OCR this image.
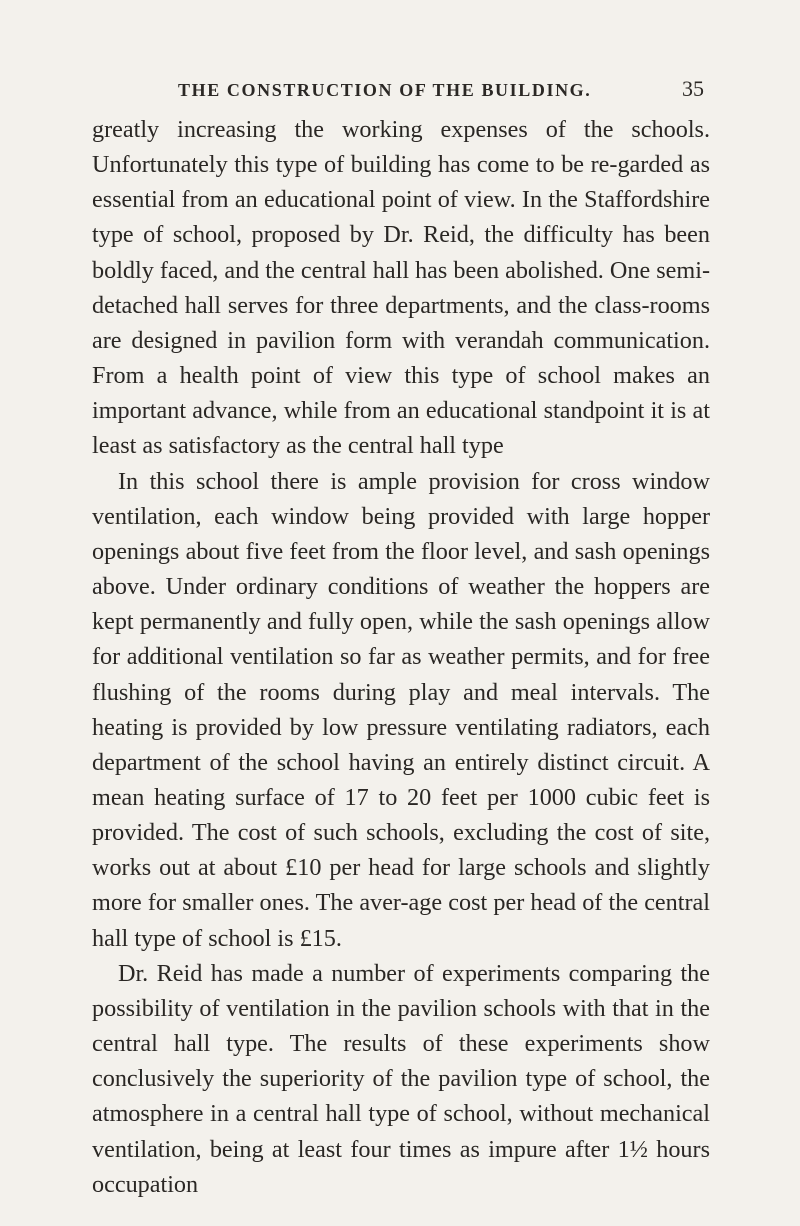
THE CONSTRUCTION OF THE BUILDING.	35

greatly increasing the working expenses of the schools. Unfortunately this type of building has come to be re-garded as essential from an educational point of view. In the Staffordshire type of school, proposed by Dr. Reid, the difficulty has been boldly faced, and the central hall has been abolished. One semi-detached hall serves for three departments, and the class-rooms are designed in pavilion form with verandah communication. From a health point of view this type of school makes an important advance, while from an educational standpoint it is at least as satisfactory as the central hall type

In this school there is ample provision for cross window ventilation, each window being provided with large hopper openings about five feet from the floor level, and sash openings above. Under ordinary conditions of weather the hoppers are kept permanently and fully open, while the sash openings allow for additional ventilation so far as weather permits, and for free flushing of the rooms during play and meal intervals. The heating is provided by low pressure ventilating radiators, each department of the school having an entirely distinct circuit. A mean heating surface of 17 to 20 feet per 1000 cubic feet is provided. The cost of such schools, excluding the cost of site, works out at about £10 per head for large schools and slightly more for smaller ones. The aver-age cost per head of the central hall type of school is £15.

Dr. Reid has made a number of experiments comparing the possibility of ventilation in the pavilion schools with that in the central hall type. The results of these experiments show conclusively the superiority of the pavilion type of school, the atmosphere in a central hall type of school, without mechanical ventilation, being at least four times as impure after 1½ hours occupation
